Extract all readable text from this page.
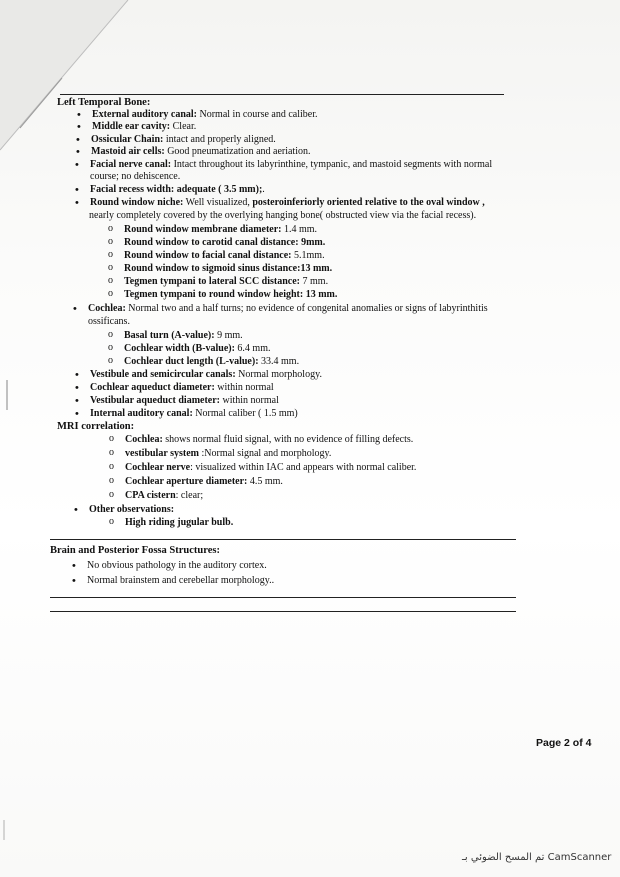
Left Temporal Bone:
• External auditory canal: Normal in course and caliber.
• Middle ear cavity: Clear.
• Ossicular Chain: intact and properly aligned.
• Mastoid air cells: Good pneumatization and aeriation.
• Facial nerve canal: Intact throughout its labyrinthine, tympanic, and mastoid segments with normal
course; no dehiscence.
• Facial recess width: adequate ( 3.5 mm);.
• Round window niche: Well visualized, posteroinferiorly oriented relative to the oval window ,
nearly completely covered by the overlying hanging bone( obstructed view via the facial recess).
o Round window membrane diameter: 1.4 mm.
o Round window to carotid canal distance: 9mm.
o Round window to facial canal distance: 5.1mm.
o Round window to sigmoid sinus distance:13 mm.
o Tegmen tympani to lateral SCC distance: 7 mm.
o Tegmen tympani to round window height: 13 mm.
• Cochlea: Normal two and a half turns; no evidence of congenital anomalies or signs of labyrinthitis
ossificans.
o Basal turn (A-value): 9 mm.
o Cochlear width (B-value): 6.4 mm.
o Cochlear duct length (L-value): 33.4 mm.
• Vestibule and semicircular canals: Normal morphology.
• Cochlear aqueduct diameter: within normal
• Vestibular aqueduct diameter: within normal
• Internal auditory canal: Normal caliber ( 1.5 mm)
MRI correlation:
o Cochlea: shows normal fluid signal, with no evidence of filling defects.
o vestibular system :Normal signal and morphology.
o Cochlear nerve: visualized within IAC and appears with normal caliber.
o Cochlear aperture diameter: 4.5 mm.
o CPA cistern: clear;
• Other observations:
o High riding jugular bulb.
Brain and Posterior Fossa Structures:
• No obvious pathology in the auditory cortex.
• Normal brainstem and cerebellar morphology..
Page 2 of 4
تم المسح الضوئي بـ CamScanner
